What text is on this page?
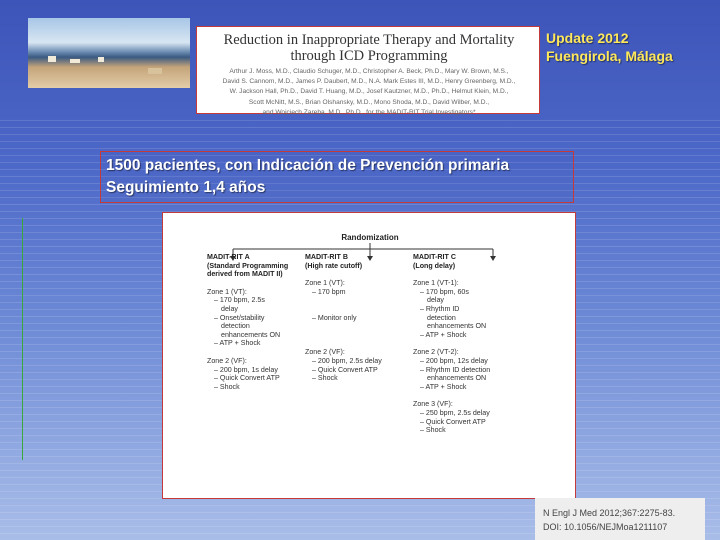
Reduction in Inappropriate Therapy and Mortality
through ICD Programming
Arthur J. Moss, M.D., Claudio Schuger, M.D., Christopher A. Beck, Ph.D., Mary W. Brown, M.S.,
David S. Cannom, M.D., James P. Daubert, M.D., N.A. Mark Estes III, M.D., Henry Greenberg, M.D.,
W. Jackson Hall, Ph.D., David T. Huang, M.D., Josef Kautzner, M.D., Ph.D., Helmut Klein, M.D.,
Scott McNitt, M.S., Brian Olshansky, M.D., Mono Shoda, M.D., David Wilber, M.D.,
and Wojciech Zareba, M.D., Ph.D., for the MADIT-RIT Trial Investigators*
Update 2012
Fuengirola, Málaga
1500 pacientes, con Indicación de Prevención primaria
Seguimiento 1,4 años
Randomization
MADIT-RIT A
(Standard Programming
derived from MADIT II)
Zone 1 (VT):
– 170 bpm, 2.5s
delay
– Onset/stability
detection
enhancements ON
– ATP + Shock
Zone 2 (VF):
– 200 bpm, 1s delay
– Quick Convert ATP
– Shock
MADIT-RIT B
(High rate cutoff)
Zone 1 (VT):
– 170 bpm

– Monitor only

Zone 2 (VF):
– 200 bpm, 2.5s delay
– Quick Convert ATP
– Shock
MADIT-RIT C
(Long delay)
Zone 1 (VT-1):
– 170 bpm, 60s
delay
– Rhythm ID
detection
enhancements ON
– ATP + Shock
Zone 2 (VT-2):
– 200 bpm, 12s delay
– Rhythm ID detection
enhancements ON
– ATP + Shock
Zone 3 (VF):
– 250 bpm, 2.5s delay
– Quick Convert ATP
– Shock
N Engl J Med 2012;367:2275-83.
DOI: 10.1056/NEJMoa1211107
